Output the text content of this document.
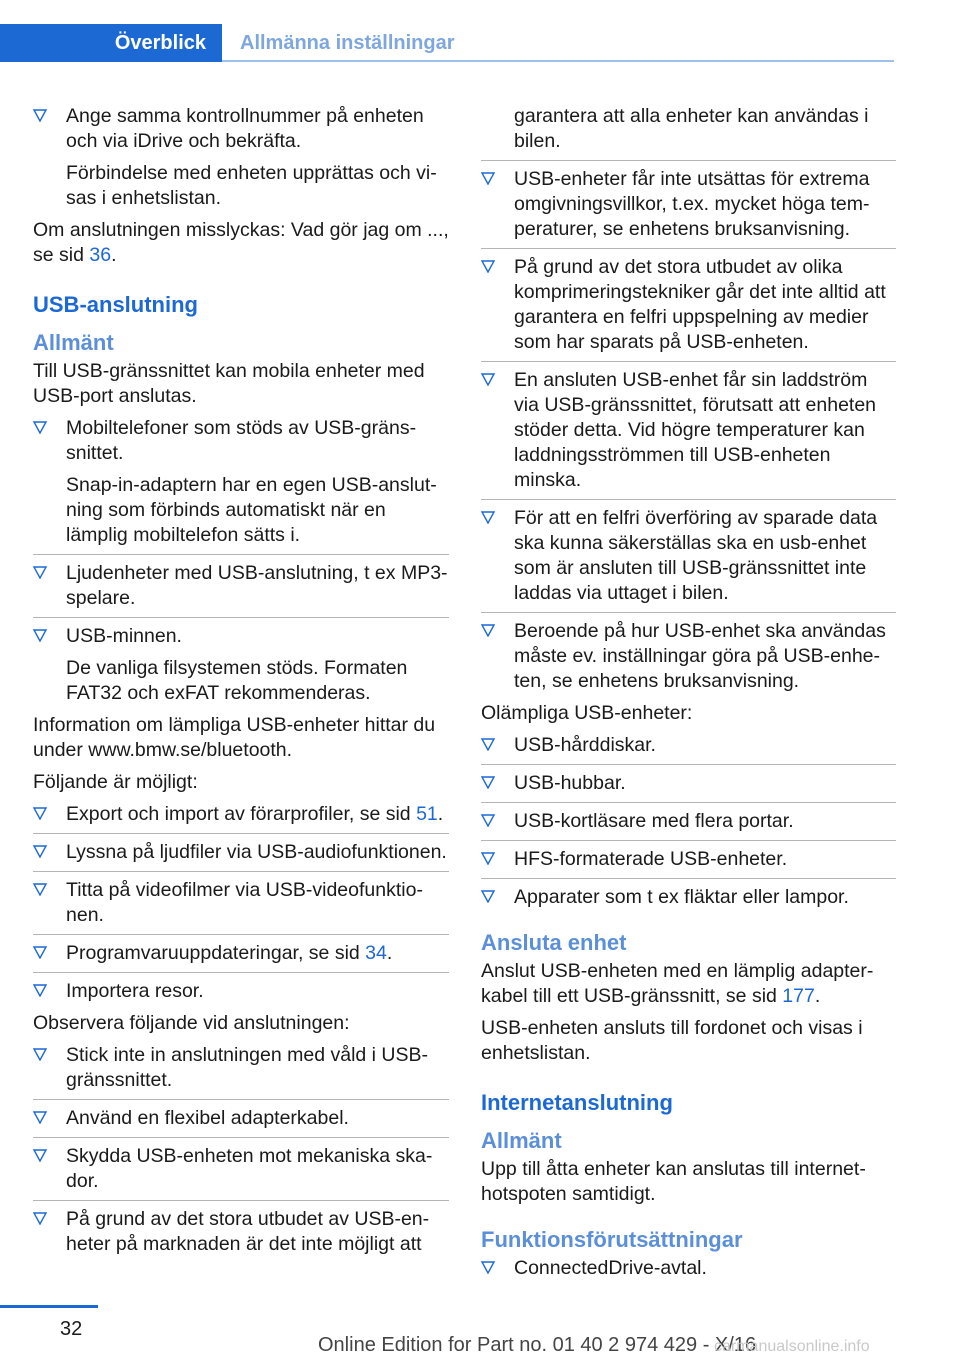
Överblick	Allmänna inställningar
Ange samma kontrollnummer på enheten och via iDrive och bekräfta.

Förbindelse med enheten upprättas och visas i enhetslistan.

Om anslutningen misslyckas: Vad gör jag om ..., se sid 36.

USB-anslutning
Allmänt

Till USB-gränssnittet kan mobila enheter med USB-port anslutas.

Mobiltelefoner som stöds av USB-gränssnittet.
Snap-in-adaptern har en egen USB-anslutning som förbinds automatiskt när en lämplig mobiltelefon sätts i.
Ljudenheter med USB-anslutning, t ex MP3-spelare.
USB-minnen.
De vanliga filsystemen stöds. Formaten FAT32 och exFAT rekommenderas.

Information om lämpliga USB-enheter hittar du under www.bmw.se/bluetooth.

Följande är möjligt:

Export och import av förarprofiler, se sid 51.
Lyssna på ljudfiler via USB-audiofunktionen.
Titta på videofilmer via USB-videofunktionen.
Programvaruuppdateringar, se sid 34.
Importera resor.

Observera följande vid anslutningen:

Stick inte in anslutningen med våld i USB-gränssnittet.
Använd en flexibel adapterkabel.
Skydda USB-enheten mot mekaniska skador.
På grund av det stora utbudet av USB-enheter på marknaden är det inte möjligt att
garantera att alla enheter kan användas i bilen.
USB-enheter får inte utsättas för extrema omgivningsvillkor, t.ex. mycket höga temperaturer, se enhetens bruksanvisning.
På grund av det stora utbudet av olika komprimeringstekniker går det inte alltid att garantera en felfri uppspelning av medier som har sparats på USB-enheten.
En ansluten USB-enhet får sin laddström via USB-gränssnittet, förutsatt att enheten stöder detta. Vid högre temperaturer kan laddningsströmmen till USB-enheten minska.
För att en felfri överföring av sparade data ska kunna säkerställas ska en usb-enhet som är ansluten till USB-gränssnittet inte laddas via uttaget i bilen.
Beroende på hur USB-enhet ska användas måste ev. inställningar göra på USB-enheten, se enhetens bruksanvisning.

Olämpliga USB-enheter:

USB-hårddiskar.
USB-hubbar.
USB-kortläsare med flera portar.
HFS-formaterade USB-enheter.
Apparater som t ex fläktar eller lampor.
Ansluta enhet

Anslut USB-enheten med en lämplig adapterkabel till ett USB-gränssnitt, se sid 177.

USB-enheten ansluts till fordonet och visas i enhetslistan.

Internetanslutning
Allmänt

Upp till åtta enheter kan anslutas till internethotspoten samtidigt.

Funktionsförutsättningar
ConnectedDrive-avtal.
32
Online Edition for Part no. 01 40 2 974 429 - X/16
carmanualsonline.info
